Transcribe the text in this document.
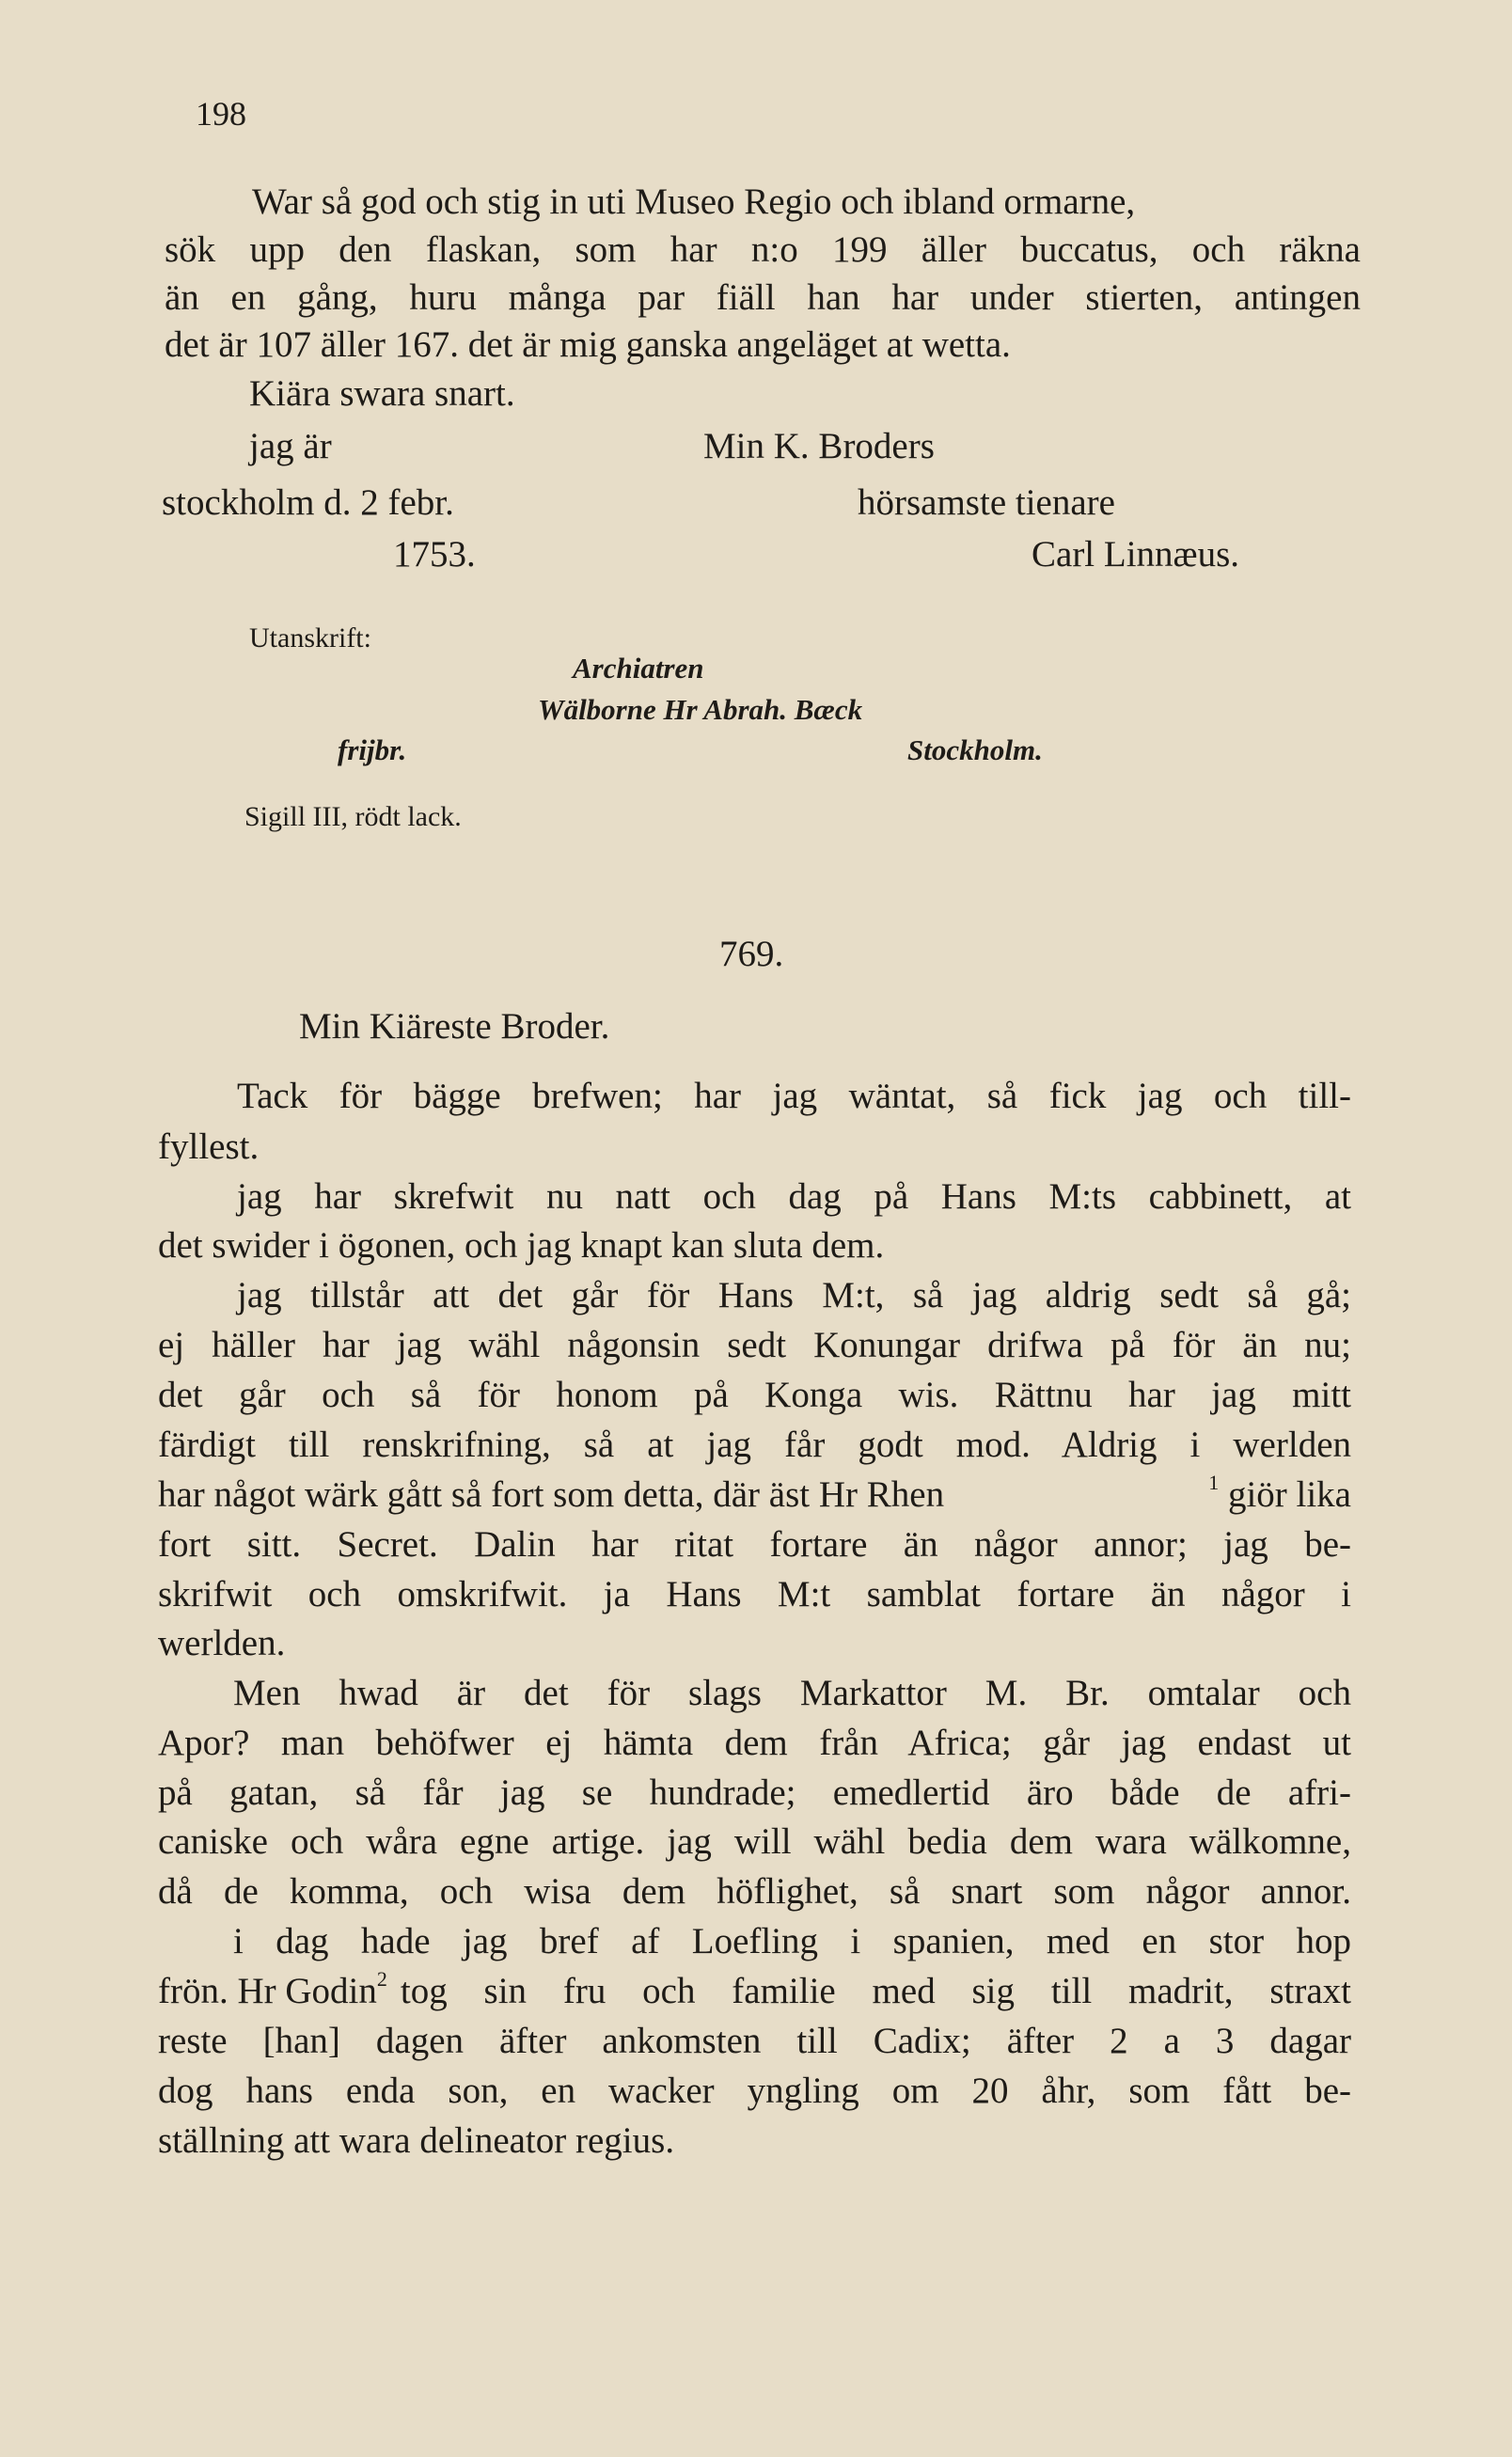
198
War så god och stig in uti Museo Regio och ibland ormarne,
sök upp den flaskan, som har n:o 199 äller buccatus, och räkna
än en gång, huru många par fiäll han har under stierten, antingen
det är 107 äller 167. det är mig ganska angeläget at wetta.
Kiära swara snart.
jag är	Min K. Broders
stockholm d. 2 febr.	hörsamste tienare
1753.	Carl Linnæus.
Utanskrift:
Archiatren
Wälborne Hr Abrah. Bæck
frijbr.	Stockholm.
Sigill III, rödt lack.
769.
Min Kiäreste Broder.
Tack för bägge brefwen; har jag wäntat, så fick jag och till-
fyllest.
jag har skrefwit nu natt och dag på Hans M:ts cabbinett, at
det swider i ögonen, och jag knapt kan sluta dem.
jag tillstår att det går för Hans M:t, så jag aldrig sedt så gå;
ej häller har jag wähl någonsin sedt Konungar drifwa på för än nu;
det går och så för honom på Konga wis. Rättnu har jag mitt
färdigt till renskrifning, så at jag får godt mod. Aldrig i werlden
har något wärk gått så fort som detta, där äst Hr Rhen	$^1$ giör lika
fort sitt. Secret. Dalin har ritat fortare än någor annor; jag be-
skrifwit och omskrifwit. ja Hans M:t samblat fortare än någor i
werlden.
Men hwad är det för slags Markattor M. Br. omtalar och
Apor? man behöfwer ej hämta dem från Africa; går jag endast ut
på gatan, så får jag se hundrade; emedlertid äro både de afri-
caniske och wåra egne artige. jag will wähl bedia dem wara wälkomne,
då de komma, och wisa dem höflighet, så snart som någor annor.
i dag hade jag bref af Loefling i spanien, med en stor hop
frön. Hr Godin$^2$ tog sin fru och familie med sig till madrit, straxt
reste [han] dagen äfter ankomsten till Cadix; äfter 2 a 3 dagar
dog hans enda son, en wacker yngling om 20 åhr, som fått be-
ställning att wara delineator regius.
